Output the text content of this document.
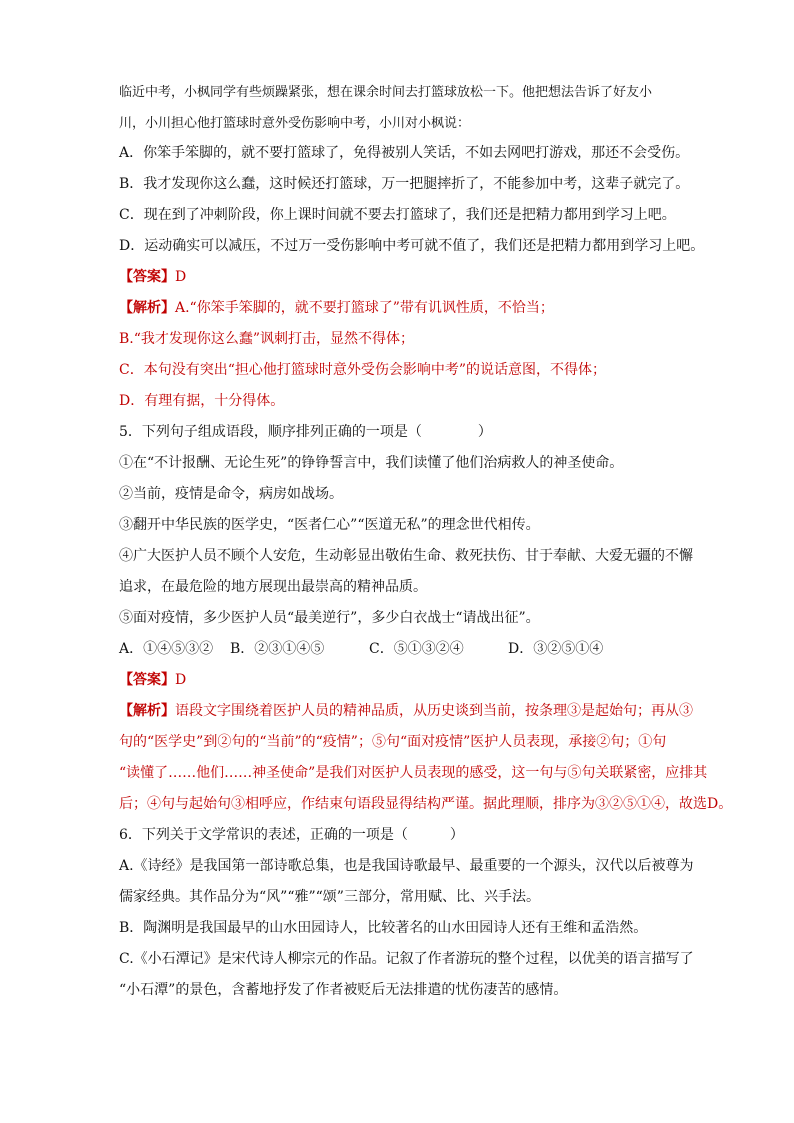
临近中考，小枫同学有些烦躁紧张，想在课余时间去打篮球放松一下。他把想法告诉了好友小
川，小川担心他打篮球时意外受伤影响中考，小川对小枫说：
A．你笨手笨脚的，就不要打篮球了，免得被别人笑话，不如去网吧打游戏，那还不会受伤。
B．我才发现你这么蠢，这时候还打篮球，万一把腿摔折了，不能参加中考，这辈子就完了。
C．现在到了冲刺阶段，你上课时间就不要去打篮球了，我们还是把精力都用到学习上吧。
D．运动确实可以减压，不过万一受伤影响中考可就不值了，我们还是把精力都用到学习上吧。
【答案】D
【解析】A.“你笨手笨脚的，就不要打篮球了”带有讥讽性质，不恰当；
B.“我才发现你这么蠢”讽刺打击，显然不得体；
C．本句没有突出“担心他打篮球时意外受伤会影响中考”的说话意图，不得体；
D．有理有据，十分得体。
5．下列句子组成语段，顺序排列正确的一项是（　　　　）
①在“不计报酬、无论生死”的铮铮誓言中，我们读懂了他们治病救人的神圣使命。
②当前，疫情是命令，病房如战场。
③翻开中华民族的医学史，“医者仁心”“医道无私”的理念世代相传。
④广大医护人员不顾个人安危，生动彰显出敬佑生命、救死扶伤、甘于奉献、大爱无疆的不懈
追求，在最危险的地方展现出最崇高的精神品质。
⑤面对疫情，多少医护人员“最美逆行”，多少白衣战士“请战出征”。
A．①④⑤③② B．②③①④⑤	C．⑤①③②④	D．③②⑤①④
【答案】D
【解析】语段文字围绕着医护人员的精神品质，从历史谈到当前，按条理③是起始句；再从③
句的“医学史”到②句的“当前”的“疫情”；⑤句“面对疫情”医护人员表现，承接②句；①句
“读懂了……他们……神圣使命”是我们对医护人员表现的感受，这一句与⑤句关联紧密，应排其
后；④句与起始句③相呼应，作结束句语段显得结构严谨。据此理顺，排序为③②⑤①④，故选D。
6．下列关于文学常识的表述，正确的一项是（　　　）
A.《诗经》是我国第一部诗歌总集，也是我国诗歌最早、最重要的一个源头，汉代以后被尊为
儒家经典。其作品分为“风”“雅”“颂”三部分，常用赋、比、兴手法。
B．陶渊明是我国最早的山水田园诗人，比较著名的山水田园诗人还有王维和孟浩然。
C.《小石潭记》是宋代诗人柳宗元的作品。记叙了作者游玩的整个过程，以优美的语言描写了
“小石潭”的景色，含蓄地抒发了作者被贬后无法排遣的忧伤凄苦的感情。
